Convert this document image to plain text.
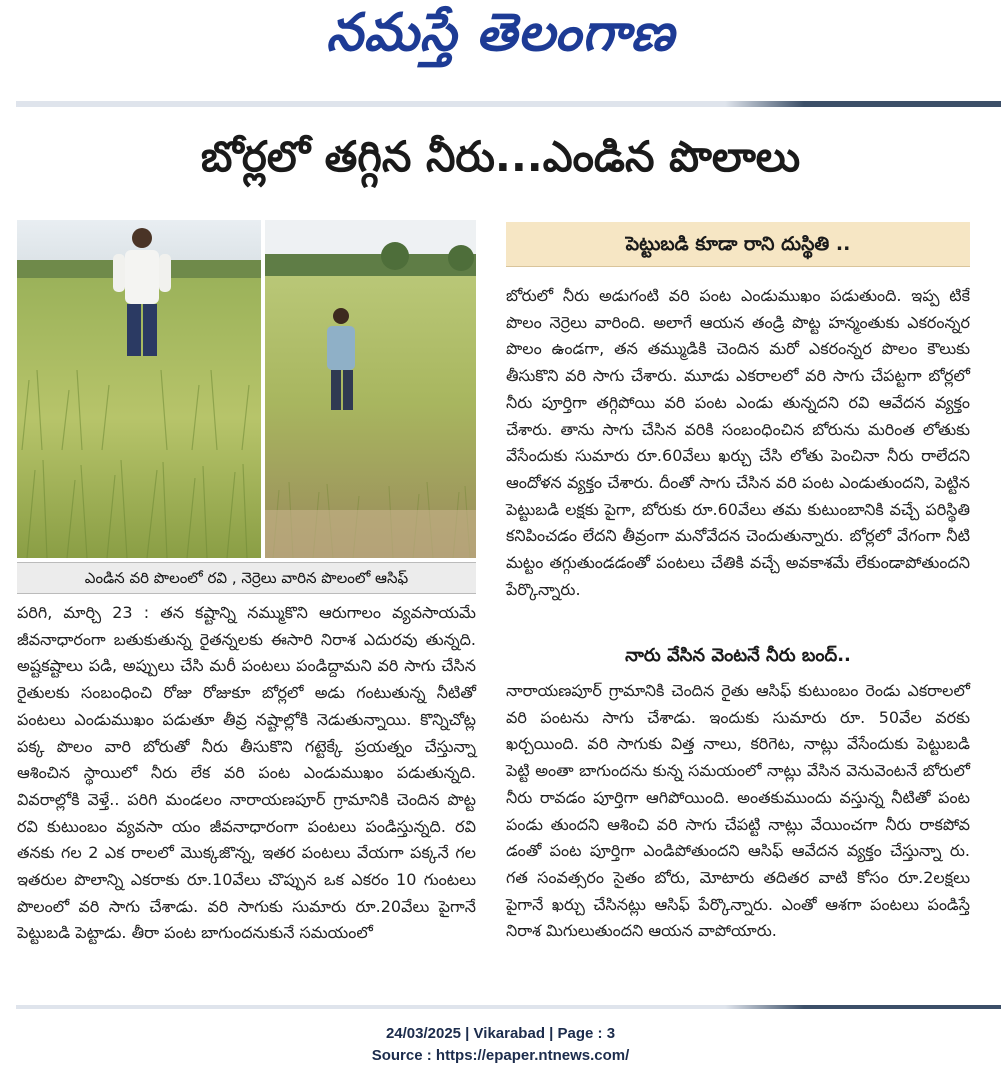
నమస్తే తెలంగాణ
బోర్లలో తగ్గిన నీరు...ఎండిన పొలాలు
ఎండిన వరి పొలంలో రవి , నెర్రెలు వారిన పొలంలో ఆసిఫ్

పరిగి, మార్చి 23 : తన కష్టాన్ని నమ్ముకొని ఆరుగాలం వ్యవసాయమే జీవనాధారంగా బతుకుతున్న రైతన్నలకు ఈసారి నిరాశ ఎదురవు తున్నది. అష్టకష్టాలు పడి, అప్పులు చేసి మరీ పంటలు పండిద్దామని వరి సాగు చేసిన రైతులకు సంబంధించి రోజు రోజుకూ బోర్లలో అడు గంటుతున్న నీటితో పంటలు ఎండుముఖం పడుతూ తీవ్ర నష్టాల్లోకి నెడుతున్నాయి. కొన్నిచోట్ల పక్క పొలం వారి బోరుతో నీరు తీసుకొని గట్టెక్కే ప్రయత్నం చేస్తున్నా ఆశించిన స్థాయిలో నీరు లేక వరి పంట ఎండుముఖం పడుతున్నది. వివరాల్లోకి వెళ్తే.. పరిగి మండలం నారాయణపూర్ గ్రామానికి చెందిన పొట్ట రవి కుటుంబం వ్యవసా యం జీవనాధారంగా పంటలు పండిస్తున్నది. రవి తనకు గల 2 ఎక రాలలో మొక్కజొన్న, ఇతర పంటలు వేయగా పక్కనే గల ఇతరుల పొలాన్ని ఎకరాకు రూ.10వేలు చొప్పున ఒక ఎకరం 10 గుంటలు పొలంలో వరి సాగు చేశాడు. వరి సాగుకు సుమారు రూ.20వేలు పైగానే పెట్టుబడి పెట్టాడు. తీరా పంట బాగుందనుకునే సమయంలో

పెట్టుబడి కూడా రాని దుస్థితి ..

బోరులో నీరు అడుగంటి వరి పంట ఎండుముఖం పడుతుంది. ఇప్ప టికే పొలం నెర్రెలు వారింది. అలాగే ఆయన తండ్రి పొట్ట హన్మంతుకు ఎకరంన్నర పొలం ఉండగా, తన తమ్ముడికి చెందిన మరో ఎకరంన్నర పొలం కౌలుకు తీసుకొని వరి సాగు చేశారు. మూడు ఎకరాలలో వరి సాగు చేపట్టగా బోర్లలో నీరు పూర్తిగా తగ్గిపోయి వరి పంట ఎండు తున్నదని రవి ఆవేదన వ్యక్తం చేశారు. తాను సాగు చేసిన వరికి సంబంధించిన బోరును మరింత లోతుకు వేసేందుకు సుమారు రూ.60వేలు ఖర్చు చేసి లోతు పెంచినా నీరు రాలేదని ఆందోళన వ్యక్తం చేశారు. దీంతో సాగు చేసిన వరి పంట ఎండుతుందని, పెట్టిన పెట్టుబడి లక్షకు పైగా, బోరుకు రూ.60వేలు తమ కుటుంబానికి వచ్చే పరిస్థితి కనిపించడం లేదని తీవ్రంగా మనోవేదన చెందుతున్నారు. బోర్లలో వేగంగా నీటి మట్టం తగ్గుతుండడంతో పంటలు చేతికి వచ్చే అవకాశమే లేకుండాపోతుందని పేర్కొన్నారు.

నారు వేసిన వెంటనే నీరు బంద్..

నారాయణపూర్ గ్రామానికి చెందిన రైతు ఆసిఫ్ కుటుంబం రెండు ఎకరాలలో వరి పంటను సాగు చేశాడు. ఇందుకు సుమారు రూ. 50వేల వరకు ఖర్చయింది. వరి సాగుకు విత్త నాలు, కరిగెట, నాట్లు వేసేందుకు పెట్టుబడి పెట్టి అంతా బాగుందను కున్న సమయంలో నాట్లు వేసిన వెనువెంటనే బోరులో నీరు రావడం పూర్తిగా ఆగిపోయింది. అంతకుముందు వస్తున్న నీటితో పంట పండు తుందని ఆశించి వరి సాగు చేపట్టి నాట్లు వేయించగా నీరు రాకపోవ డంతో పంట పూర్తిగా ఎండిపోతుందని ఆసిఫ్ ఆవేదన వ్యక్తం చేస్తున్నా రు. గత సంవత్సరం సైతం బోరు, మోటారు తదితర వాటి కోసం రూ.2లక్షలు పైగానే ఖర్చు చేసినట్లు ఆసిఫ్ పేర్కొన్నారు. ఎంతో ఆశగా పంటలు పండిస్తే నిరాశ మిగులుతుందని ఆయన వాపోయారు.

24/03/2025 | Vikarabad | Page : 3
Source : https://epaper.ntnews.com/
